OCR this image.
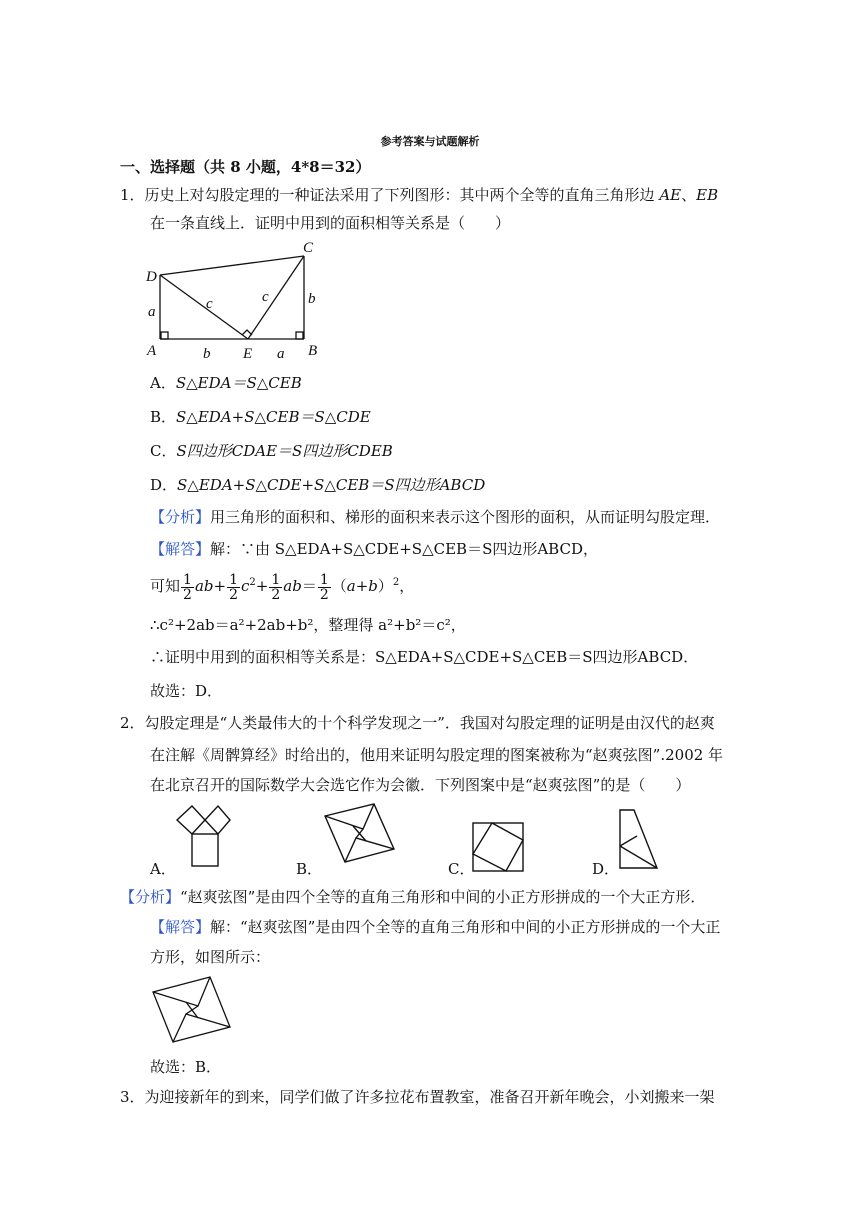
参考答案与试题解析
一、选择题（共 8 小题，4*8＝32）
1．历史上对勾股定理的一种证法采用了下列图形：其中两个全等的直角三角形边 AE、EB
在一条直线上．证明中用到的面积相等关系是（　　）
D
C
A	E	B
a
b
c	c	b
a
A．S△EDA＝S△CEB
B．S△EDA+S△CEB＝S△CDE
C．S四边形CDAE＝S四边形CDEB
D．S△EDA+S△CDE+S△CEB＝S四边形ABCD
【分析】用三角形的面积和、梯形的面积来表示这个图形的面积，从而证明勾股定理．
【解答】解：∵由 S△EDA+S△CDE+S△CEB＝S四边形ABCD，
可知 $\frac{1}{2} ab+ \frac{1}{2} c^2+ \frac{1}{2} ab= \frac{1}{2} (a+b)^2$，
∴c²+2ab＝a²+2ab+b²，整理得 a²+b²＝c²，
∴证明中用到的面积相等关系是：S△EDA+S△CDE+S△CEB＝S四边形ABCD．
故选：D．
2．勾股定理是“人类最伟大的十个科学发现之一”．我国对勾股定理的证明是由汉代的赵爽
在注解《周髀算经》时给出的，他用来证明勾股定理的图案被称为“赵爽弦图”.2002 年
在北京召开的国际数学大会选它作为会徽．下列图案中是“赵爽弦图”的是（　　）
A．	B．	C．	D．
【分析】“赵爽弦图”是由四个全等的直角三角形和中间的小正方形拼成的一个大正方形．
【解答】解：“赵爽弦图”是由四个全等的直角三角形和中间的小正方形拼成的一个大正
方形，如图所示：
故选：B．
3．为迎接新年的到来，同学们做了许多拉花布置教室，准备召开新年晚会，小刘搬来一架
